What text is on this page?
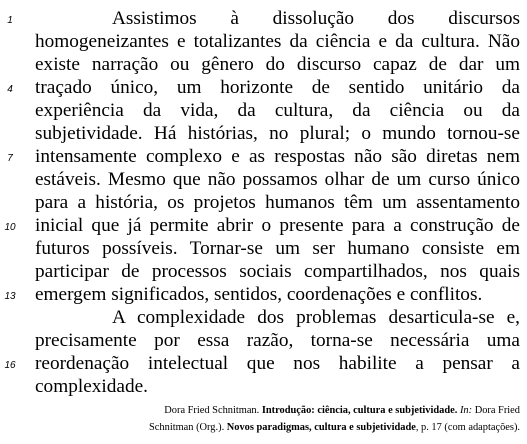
Assistimos à dissolução dos discursos
homogeneizantes e totalizantes da ciência e da cultura. Não
existe narração ou gênero do discurso capaz de dar um
traçado único, um horizonte de sentido unitário da
experiência da vida, da cultura, da ciência ou da
subjetividade. Há histórias, no plural; o mundo tornou-se
intensamente complexo e as respostas não são diretas nem
estáveis. Mesmo que não possamos olhar de um curso único
para a história, os projetos humanos têm um assentamento
inicial que já permite abrir o presente para a construção de
futuros possíveis. Tornar-se um ser humano consiste em
participar de processos sociais compartilhados, nos quais
emergem significados, sentidos, coordenações e conflitos.
A complexidade dos problemas desarticula-se e,
precisamente por essa razão, torna-se necessária uma
reordenação intelectual que nos habilite a pensar a
complexidade.
1
4
7
10
13
16
Dora Fried Schnitman. Introdução: ciência, cultura e subjetividade. In: Dora Fried
Schnitman (Org.). Novos paradigmas, cultura e subjetividade, p. 17 (com adaptações).
